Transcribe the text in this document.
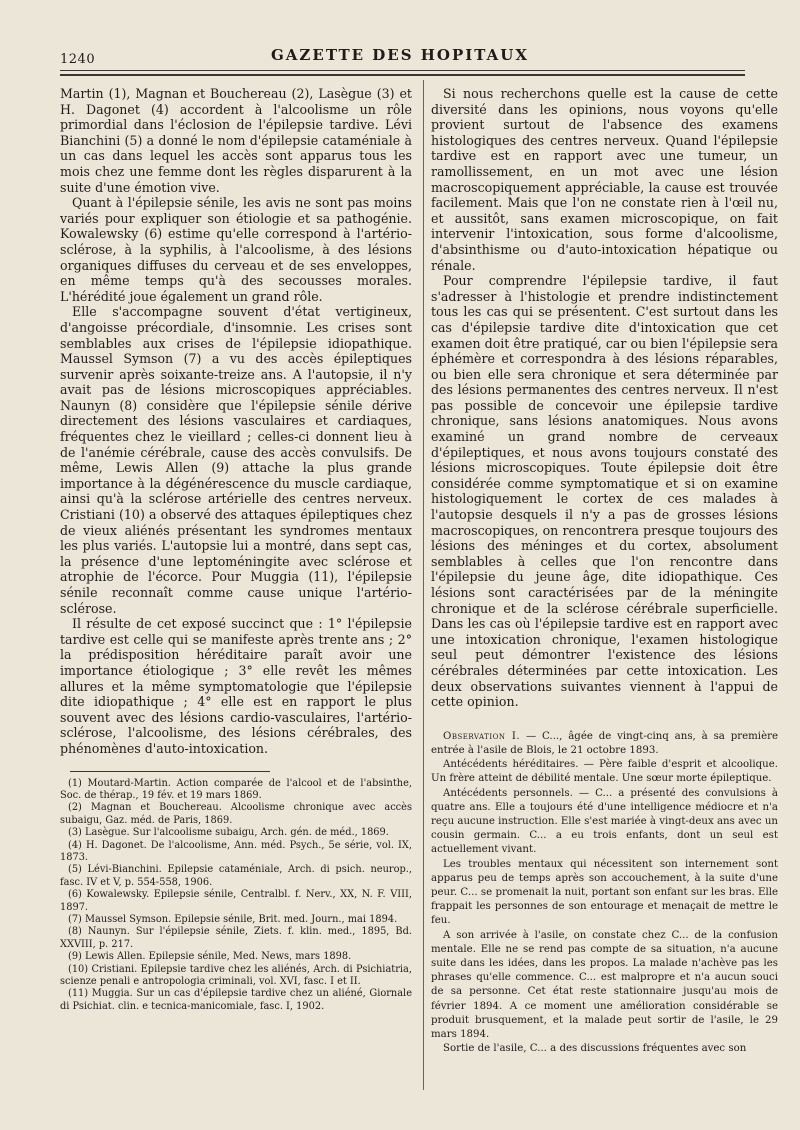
1240	GAZETTE DES HOPITAUX

Martin (1), Magnan et Bouchereau (2), Lasègue (3) et H. Dagonet (4) accordent à l'alcoolisme un rôle primordial dans l'éclosion de l'épilepsie tardive. Lévi Bianchini (5) a donné le nom d'épilepsie cataméniale à un cas dans lequel les accès sont apparus tous les mois chez une femme dont les règles disparurent à la suite d'une émotion vive.

Quant à l'épilepsie sénile, les avis ne sont pas moins variés pour expliquer son étiologie et sa pathogénie. Kowalewsky (6) estime qu'elle correspond à l'artério-sclérose, à la syphilis, à l'alcoolisme, à des lésions organiques diffuses du cerveau et de ses enveloppes, en même temps qu'à des secousses morales. L'hérédité joue également un grand rôle.

Elle s'accompagne souvent d'état vertigineux, d'angoisse précordiale, d'insomnie. Les crises sont semblables aux crises de l'épilepsie idiopathique. Maussel Symson (7) a vu des accès épileptiques survenir après soixante-treize ans. A l'autopsie, il n'y avait pas de lésions microscopiques appréciables. Naunyn (8) considère que l'épilepsie sénile dérive directement des lésions vasculaires et cardiaques, fréquentes chez le vieillard ; celles-ci donnent lieu à de l'anémie cérébrale, cause des accès convulsifs. De même, Lewis Allen (9) attache la plus grande importance à la dégénérescence du muscle cardiaque, ainsi qu'à la sclérose artérielle des centres nerveux. Cristiani (10) a observé des attaques épileptiques chez de vieux aliénés présentant les syndromes mentaux les plus variés. L'autopsie lui a montré, dans sept cas, la présence d'une leptoméningite avec sclérose et atrophie de l'écorce. Pour Muggia (11), l'épilepsie sénile reconnaît comme cause unique l'artério-sclérose.

Il résulte de cet exposé succinct que : 1° l'épilepsie tardive est celle qui se manifeste après trente ans ; 2° la prédisposition héréditaire paraît avoir une importance étiologique ; 3° elle revêt les mêmes allures et la même symptomatologie que l'épilepsie dite idiopathique ; 4° elle est en rapport le plus souvent avec des lésions cardio-vasculaires, l'artério-sclérose, l'alcoolisme, des lésions cérébrales, des phénomènes d'auto-intoxication.

(1) Moutard-Martin. Action comparée de l'alcool et de l'absinthe, Soc. de thérap., 19 fév. et 19 mars 1869.

(2) Magnan et Bouchereau. Alcoolisme chronique avec accès subaigu, Gaz. méd. de Paris, 1869.

(3) Lasègue. Sur l'alcoolisme subaigu, Arch. gén. de méd., 1869.

(4) H. Dagonet. De l'alcoolisme, Ann. méd. Psych., 5e série, vol. IX, 1873.

(5) Lévi-Bianchini. Epilepsie cataméniale, Arch. di psich. neurop., fasc. IV et V, p. 554-558, 1906.

(6) Kowalewsky. Epilepsie sénile, Centralbl. f. Nerv., XX, N. F. VIII, 1897.

(7) Maussel Symson. Epilepsie sénile, Brit. med. Journ., mai 1894.

(8) Naunyn. Sur l'épilepsie sénile, Ziets. f. klin. med., 1895, Bd. XXVIII, p. 217.

(9) Lewis Allen. Epilepsie sénile, Med. News, mars 1898.

(10) Cristiani. Epilepsie tardive chez les aliénés, Arch. di Psichiatria, scienze penali e antropologia criminali, vol. XVI, fasc. I et II.

(11) Muggia. Sur un cas d'épilepsie tardive chez un aliéné, Giornale di Psichiat. clin. e tecnica-manicomiale, fasc. I, 1902.

Si nous recherchons quelle est la cause de cette diversité dans les opinions, nous voyons qu'elle provient surtout de l'absence des examens histologiques des centres nerveux. Quand l'épilepsie tardive est en rapport avec une tumeur, un ramollissement, en un mot avec une lésion macroscopiquement appréciable, la cause est trouvée facilement. Mais que l'on ne constate rien à l'œil nu, et aussitôt, sans examen microscopique, on fait intervenir l'intoxication, sous forme d'alcoolisme, d'absinthisme ou d'auto-intoxication hépatique ou rénale.

Pour comprendre l'épilepsie tardive, il faut s'adresser à l'histologie et prendre indistinctement tous les cas qui se présentent. C'est surtout dans les cas d'épilepsie tardive dite d'intoxication que cet examen doit être pratiqué, car ou bien l'épilepsie sera éphémère et correspondra à des lésions réparables, ou bien elle sera chronique et sera déterminée par des lésions permanentes des centres nerveux. Il n'est pas possible de concevoir une épilepsie tardive chronique, sans lésions anatomiques. Nous avons examiné un grand nombre de cerveaux d'épileptiques, et nous avons toujours constaté des lésions microscopiques. Toute épilepsie doit être considérée comme symptomatique et si on examine histologiquement le cortex de ces malades à l'autopsie desquels il n'y a pas de grosses lésions macroscopiques, on rencontrera presque toujours des lésions des méninges et du cortex, absolument semblables à celles que l'on rencontre dans l'épilepsie du jeune âge, dite idiopathique. Ces lésions sont caractérisées par de la méningite chronique et de la sclérose cérébrale superficielle. Dans les cas où l'épilepsie tardive est en rapport avec une intoxication chronique, l'examen histologique seul peut démontrer l'existence des lésions cérébrales déterminées par cette intoxication. Les deux observations suivantes viennent à l'appui de cette opinion.

Observation I. — C..., âgée de vingt-cinq ans, à sa première entrée à l'asile de Blois, le 21 octobre 1893.

Antécédents héréditaires. — Père faible d'esprit et alcoolique. Un frère atteint de débilité mentale. Une sœur morte épileptique.

Antécédents personnels. — C... a présenté des convulsions à quatre ans. Elle a toujours été d'une intelligence médiocre et n'a reçu aucune instruction. Elle s'est mariée à vingt-deux ans avec un cousin germain. C... a eu trois enfants, dont un seul est actuellement vivant.

Les troubles mentaux qui nécessitent son internement sont apparus peu de temps après son accouchement, à la suite d'une peur. C... se promenait la nuit, portant son enfant sur les bras. Elle frappait les personnes de son entourage et menaçait de mettre le feu.

A son arrivée à l'asile, on constate chez C... de la confusion mentale. Elle ne se rend pas compte de sa situation, n'a aucune suite dans les idées, dans les propos. La malade n'achève pas les phrases qu'elle commence. C... est malpropre et n'a aucun souci de sa personne. Cet état reste stationnaire jusqu'au mois de février 1894. A ce moment une amélioration considérable se produit brusquement, et la malade peut sortir de l'asile, le 29 mars 1894.

Sortie de l'asile, C... a des discussions fréquentes avec son
